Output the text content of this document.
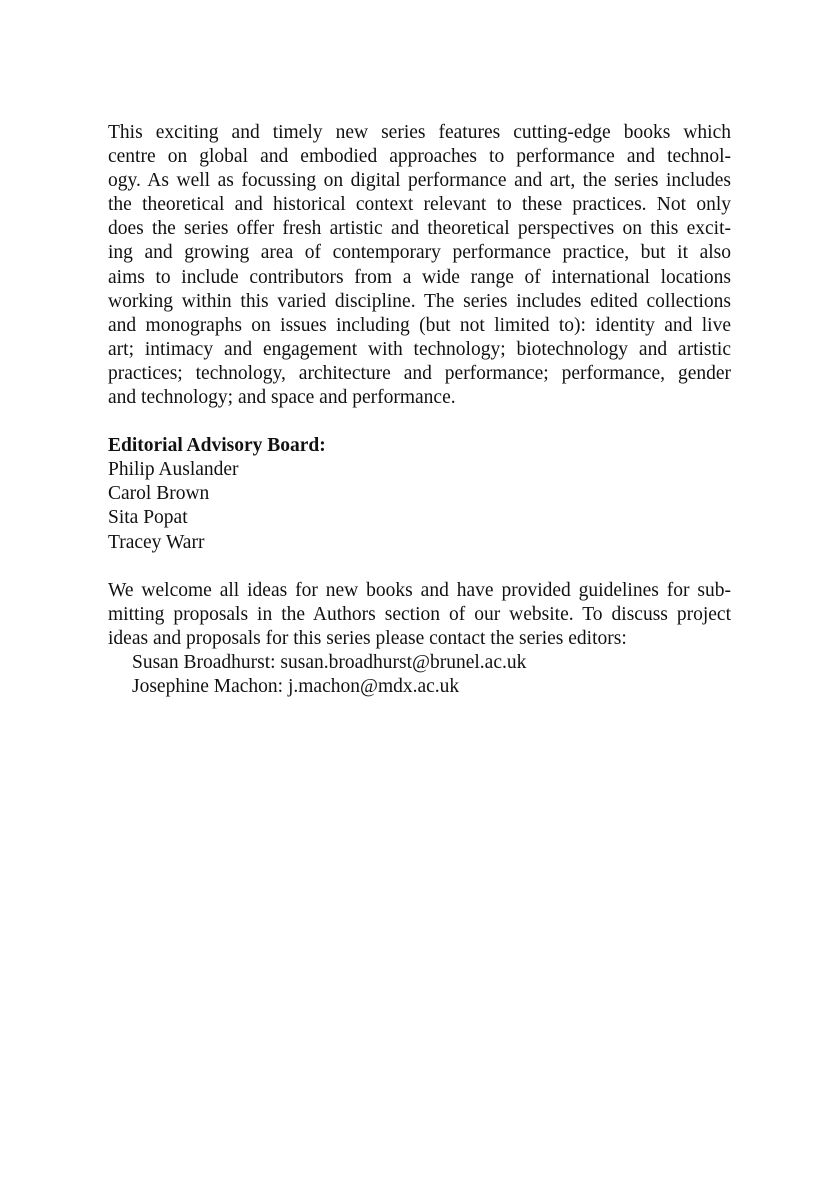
This exciting and timely new series features cutting-edge books which
centre on global and embodied approaches to performance and technol-
ogy. As well as focussing on digital performance and art, the series includes
the theoretical and historical context relevant to these practices. Not only
does the series offer fresh artistic and theoretical perspectives on this excit-
ing and growing area of contemporary performance practice, but it also
aims to include contributors from a wide range of international locations
working within this varied discipline. The series includes edited collections
and monographs on issues including (but not limited to): identity and live
art; intimacy and engagement with technology; biotechnology and artistic
practices; technology, architecture and performance; performance, gender
and technology; and space and performance.

Editorial Advisory Board:
Philip Auslander
Carol Brown
Sita Popat
Tracey Warr

We welcome all ideas for new books and have provided guidelines for sub-
mitting proposals in the Authors section of our website. To discuss project
ideas and proposals for this series please contact the series editors:
Susan Broadhurst: susan.broadhurst@brunel.ac.uk
Josephine Machon: j.machon@mdx.ac.uk
